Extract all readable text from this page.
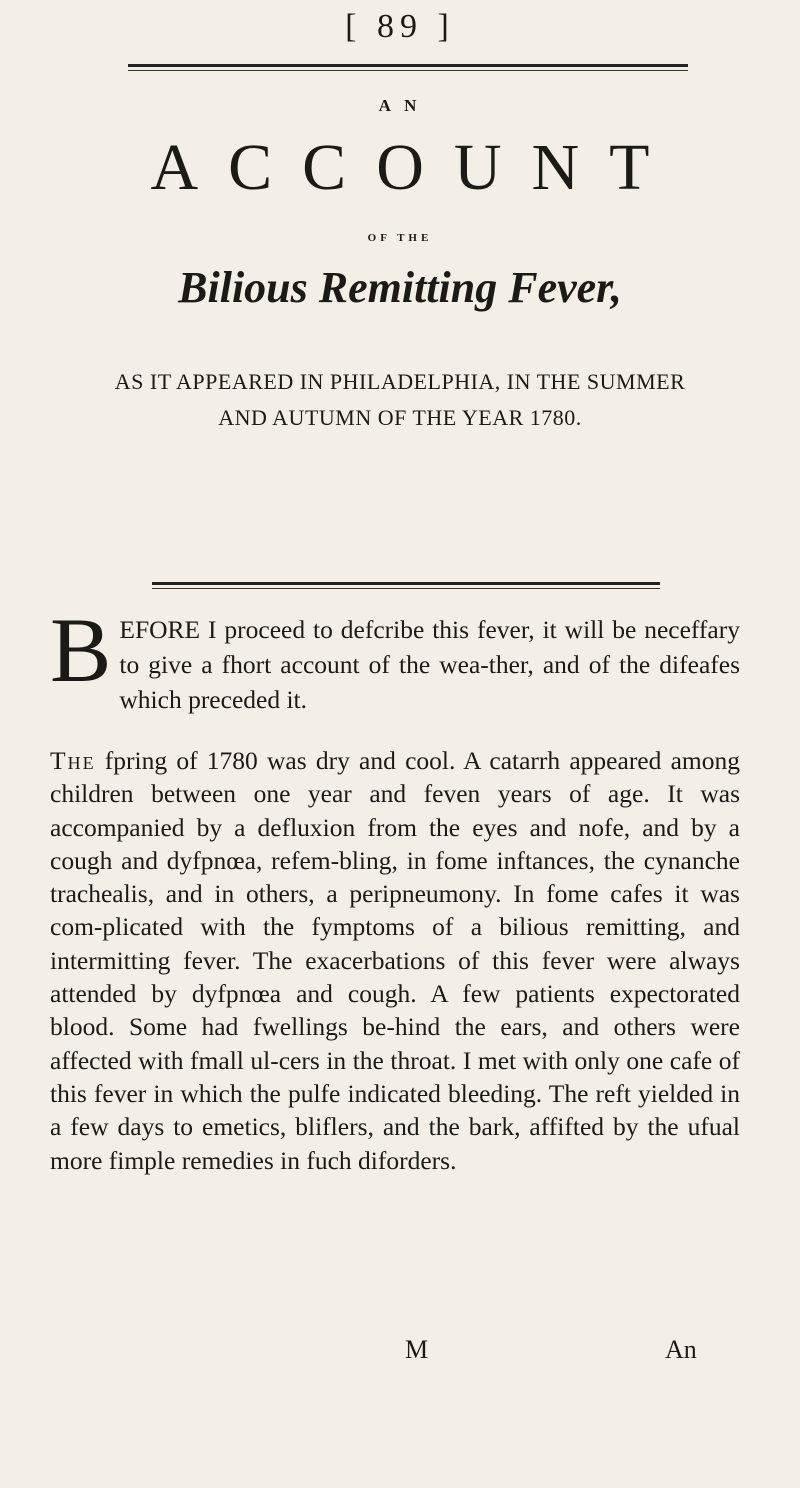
[ 89 ]
A N
ACCOUNT
OF THE
Bilious Remitting Fever,
AS IT APPEARED IN PHILADELPHIA, IN THE SUMMER
AND AUTUMN OF THE YEAR 1780.
B EFORE I proceed to defcribe this fever, it will be neceffary to give a fhort account of the wea-ther, and of the difeafes which preceded it.

The fpring of 1780 was dry and cool. A catarrh appeared among children between one year and feven years of age. It was accompanied by a defluxion from the eyes and nofe, and by a cough and dyfpnœa, refem-bling, in fome inftances, the cynanche trachealis, and in others, a peripneumony. In fome cafes it was com-plicated with the fymptoms of a bilious remitting, and intermitting fever. The exacerbations of this fever were always attended by dyfpnœa and cough. A few patients expectorated blood. Some had fwellings be-hind the ears, and others were affected with fmall ul-cers in the throat. I met with only one cafe of this fever in which the pulfe indicated bleeding. The reft yielded in a few days to emetics, bliflers, and the bark, affifted by the ufual more fimple remedies in fuch diforders.

M	An
